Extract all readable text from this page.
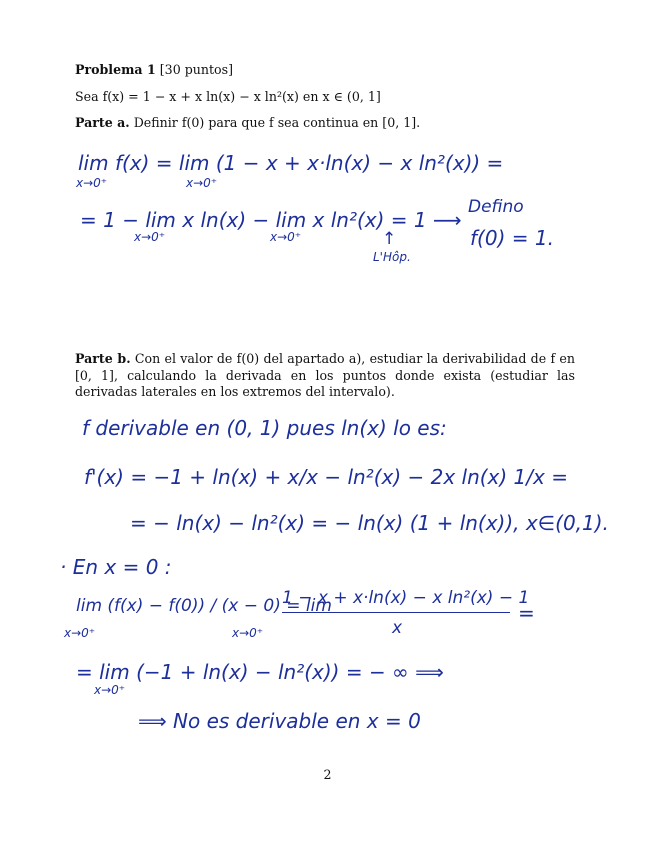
Problema 1 [30 puntos]
Sea f(x) = 1 − x + x ln(x) − x ln²(x) en x ∈ (0, 1]
Parte a. Definir f(0) para que f sea continua en [0, 1].
lim f(x) = lim (1 − x + x·ln(x) − x ln²(x)) =
x→0⁺	x→0⁺
= 1 − lim x ln(x) − lim x ln²(x) = 1 ⟶
x→0⁺	x→0⁺	↑
L'Hôp.
Defino
f(0) = 1.
Parte b. Con el valor de f(0) del apartado a), estudiar la derivabilidad de f en [0, 1], calculando la derivada en los puntos donde exista (estudiar las derivadas laterales en los extremos del intervalo).
f derivable en (0, 1) pues ln(x) lo es:
f'(x) = −1 + ln(x) + x/x − ln²(x) − 2x ln(x) 1/x =
= − ln(x) − ln²(x) = − ln(x) (1 + ln(x)), x∈(0,1).
· En x = 0 :
lim (f(x) − f(0)) / (x − 0) = lim
x→0⁺	x→0⁺
1 − x + x·ln(x) − x ln²(x) − 1
x
=
= lim (−1 + ln(x) − ln²(x)) = − ∞ ⟹
x→0⁺
⟹ No es derivable en x = 0
2
